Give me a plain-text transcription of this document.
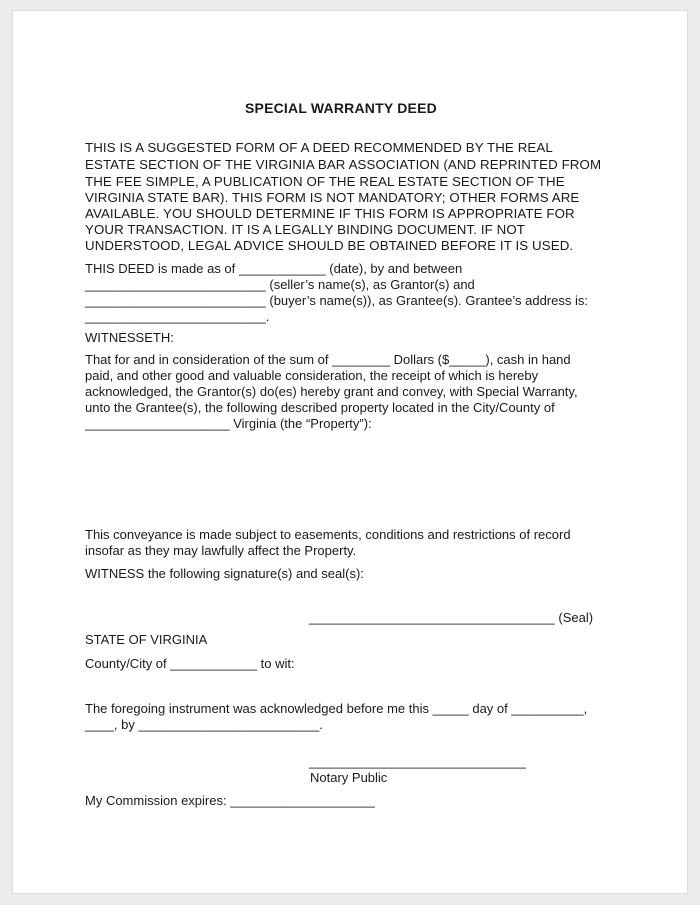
SPECIAL WARRANTY DEED
THIS IS A SUGGESTED FORM OF A DEED RECOMMENDED BY THE REAL
ESTATE SECTION OF THE VIRGINIA BAR ASSOCIATION (AND REPRINTED FROM
THE FEE SIMPLE, A PUBLICATION OF THE REAL ESTATE SECTION OF THE
VIRGINIA STATE BAR). THIS FORM IS NOT MANDATORY; OTHER FORMS ARE
AVAILABLE. YOU SHOULD DETERMINE IF THIS FORM IS APPROPRIATE FOR
YOUR TRANSACTION. IT IS A LEGALLY BINDING DOCUMENT. IF NOT
UNDERSTOOD, LEGAL ADVICE SHOULD BE OBTAINED BEFORE IT IS USED.
THIS DEED is made as of ____________ (date), by and between
_________________________ (seller’s name(s), as Grantor(s) and
_________________________ (buyer’s name(s)), as Grantee(s). Grantee’s address is:
_________________________.
WITNESSETH:
That for and in consideration of the sum of ________ Dollars ($_____), cash in hand
paid, and other good and valuable consideration, the receipt of which is hereby
acknowledged, the Grantor(s) do(es) hereby grant and convey, with Special Warranty,
unto the Grantee(s), the following described property located in the City/County of
____________________ Virginia (the “Property”):
This conveyance is made subject to easements, conditions and restrictions of record
insofar as they may lawfully affect the Property.
WITNESS the following signature(s) and seal(s):
__________________________________ (Seal)
STATE OF VIRGINIA
County/City of ____________ to wit:
The foregoing instrument was acknowledged before me this _____ day of __________,
____, by _________________________.
______________________________
Notary Public
My Commission expires: ____________________
